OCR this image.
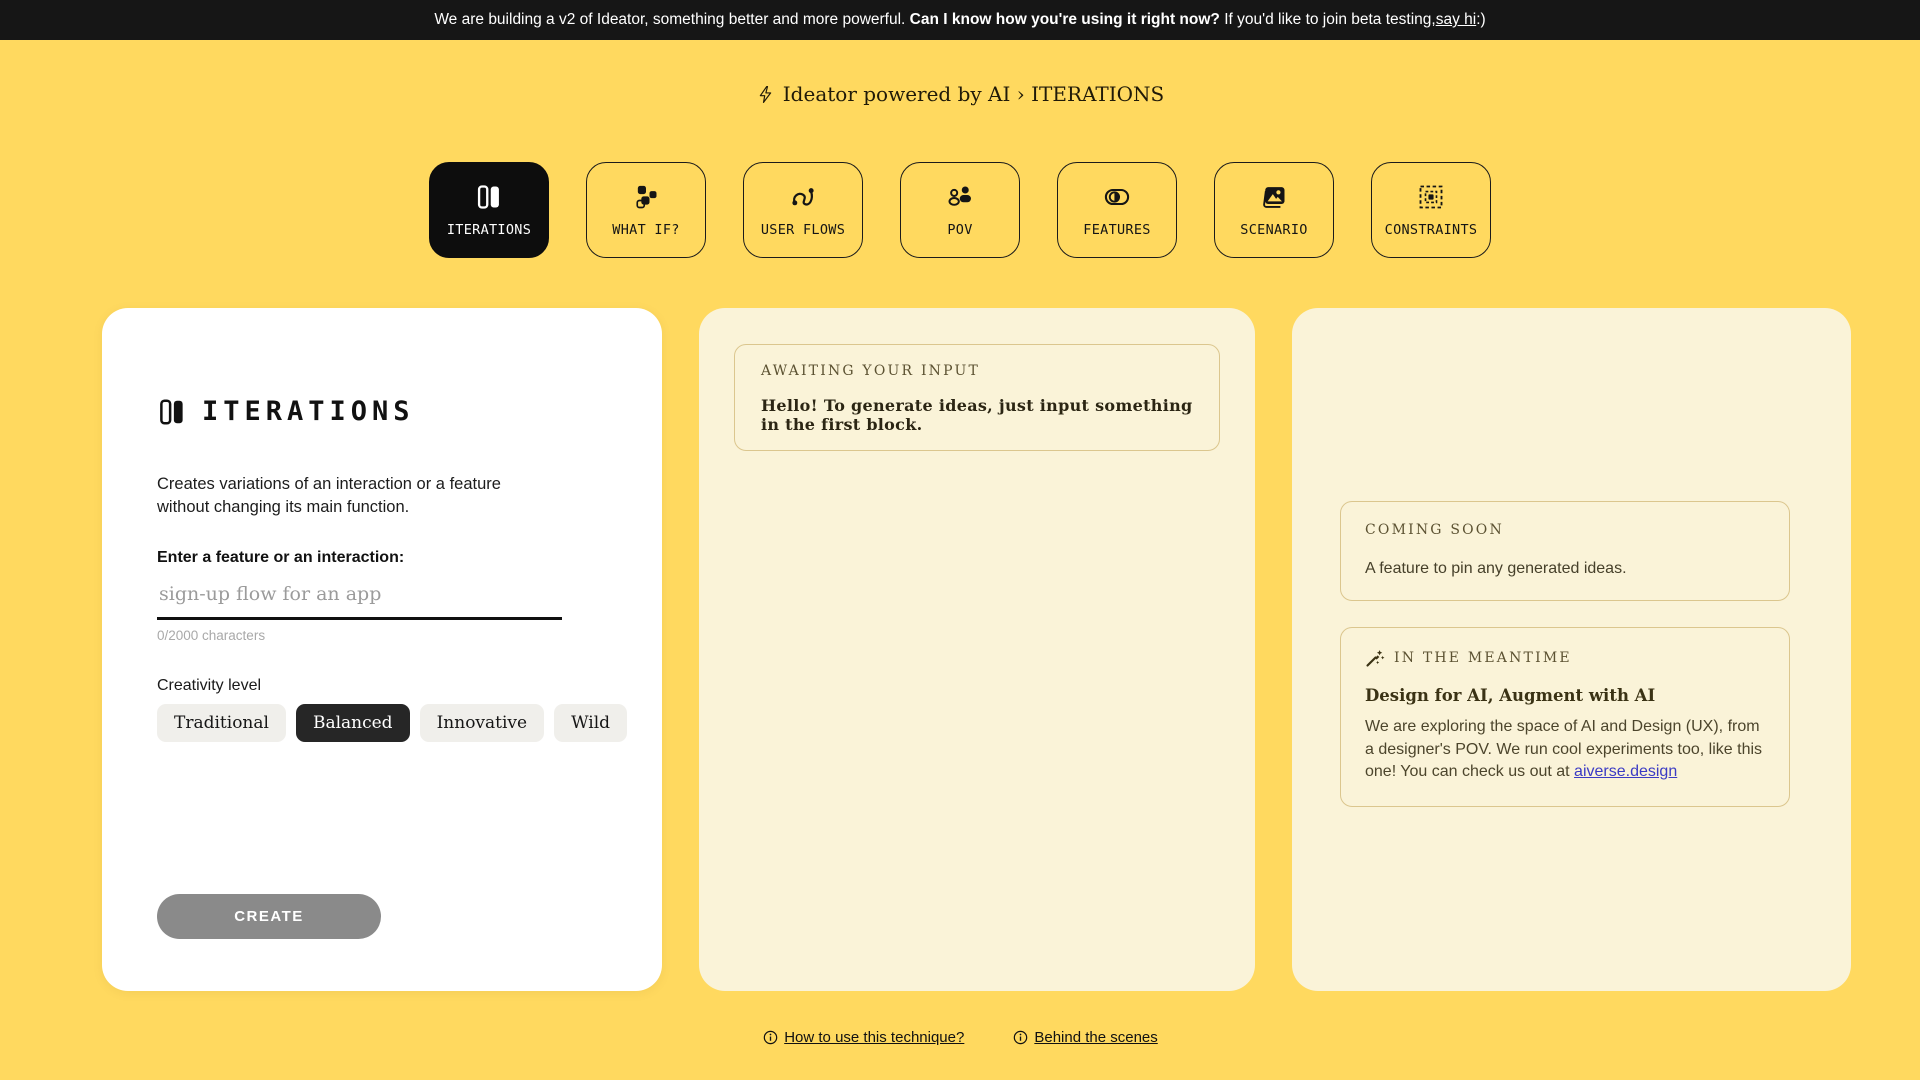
We are building a v2 of Ideator, something better and more powerful. Can I know how you're using it right now? If you'd like to join beta testing, say hi :)
Ideator powered by AI › ITERATIONS
ITERATIONS	WHAT IF?	USER FLOWS	POV	FEATURES	SCENARIO	CONSTRAINTS
ITERATIONS
Creates variations of an interaction or a feature without changing its main function.
Enter a feature or an interaction:
sign-up flow for an app
0/2000 characters
Creativity level
Traditional	Balanced	Innovative	Wild
CREATE
AWAITING YOUR INPUT
Hello! To generate ideas, just input something in the first block.
COMING SOON
A feature to pin any generated ideas.
IN THE MEANTIME
Design for AI, Augment with AI
We are exploring the space of AI and Design (UX), from a designer's POV. We run cool experiments too, like this one! You can check us out at aiverse.design
How to use this technique?	Behind the scenes
